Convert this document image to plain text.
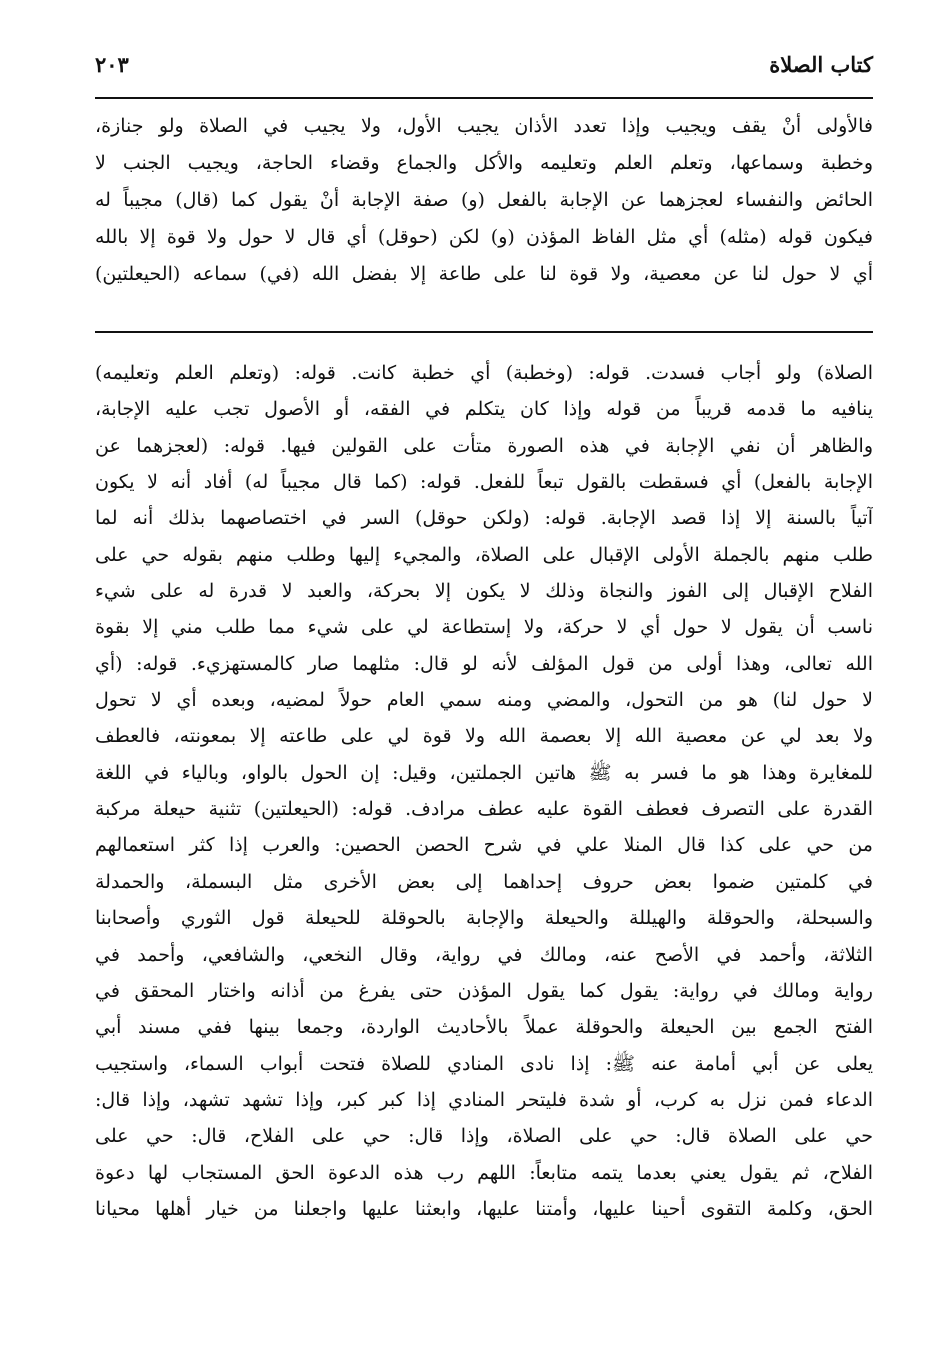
كتاب الصلاة
٢٠٣
فالأولى أنْ يقف ويجيب وإذا تعدد الأذان يجيب الأول، ولا يجيب في الصلاة ولو جنازة،
وخطبة وسماعها، وتعلم العلم وتعليمه والأكل والجماع وقضاء الحاجة، ويجيب الجنب لا
الحائض والنفساء لعجزهما عن الإجابة بالفعل (و) صفة الإجابة أنْ يقول كما (قال) مجيباً له
فيكون قوله (مثله) أي مثل الفاظ المؤذن (و) لكن (حوقل) أي قال لا حول ولا قوة إلا بالله
أي لا حول لنا عن معصية، ولا قوة لنا على طاعة إلا بفضل الله (في) سماعه (الحيعلتين)
الصلاة) ولو أجاب فسدت. قوله: (وخطبة) أي خطبة كانت. قوله: (وتعلم العلم وتعليمه)
ينافيه ما قدمه قريباً من قوله وإذا كان يتكلم في الفقه، أو الأصول تجب عليه الإجابة،
والظاهر أن نفي الإجابة في هذه الصورة متأت على القولين فيها. قوله: (لعجزهما عن
الإجابة بالفعل) أي فسقطت بالقول تبعاً للفعل. قوله: (كما قال مجيباً له) أفاد أنه لا يكون
آتياً بالسنة إلا إذا قصد الإجابة. قوله: (ولكن حوقل) السر في اختصاصهما بذلك أنه لما
طلب منهم بالجملة الأولى الإقبال على الصلاة، والمجيء إليها وطلب منهم بقوله حي على
الفلاح الإقبال إلى الفوز والنجاة وذلك لا يكون إلا بحركة، والعبد لا قدرة له على شيء
ناسب أن يقول لا حول أي لا حركة، ولا إستطاعة لي على شيء مما طلب مني إلا بقوة
الله تعالى، وهذا أولى من قول المؤلف لأنه لو قال: مثلهما صار كالمستهزيء. قوله: (أي
لا حول لنا) هو من التحول، والمضي ومنه سمي العام حولاً لمضيه، وبعده أي لا تحول
ولا بعد لي عن معصية الله إلا بعصمة الله ولا قوة لي على طاعته إلا بمعونته، فالعطف
للمغايرة وهذا هو ما فسر به ﷺ هاتين الجملتين، وقيل: إن الحول بالواو، وبالياء في اللغة
القدرة على التصرف فعطف القوة عليه عطف مرادف. قوله: (الحيعلتين) تثنية حيعلة مركبة
من حي على كذا قال المنلا علي في شرح الحصن الحصين: والعرب إذا كثر استعمالهم
في كلمتين ضموا بعض حروف إحداهما إلى بعض الأخرى مثل البسملة، والحمدلة
والسبحلة، والحوقلة والهيللة والحيعلة والإجابة بالحوقلة للحيعلة قول الثوري وأصحابنا
الثلاثة، وأحمد في الأصح عنه، ومالك في رواية، وقال النخعي، والشافعي، وأحمد في
رواية ومالك في رواية: يقول كما يقول المؤذن حتى يفرغ من أذانه واختار المحقق في
الفتح الجمع بين الحيعلة والحوقلة عملاً بالأحاديث الواردة، وجمعا بينها ففي مسند أبي
يعلى عن أبي أمامة عنه ﷺ: إذا نادى المنادي للصلاة فتحت أبواب السماء، واستجيب
الدعاء فمن نزل به كرب، أو شدة فليتحر المنادي إذا كبر كبر، وإذا تشهد تشهد، وإذا قال:
حي على الصلاة قال: حي على الصلاة، وإذا قال: حي على الفلاح، قال: حي على
الفلاح، ثم يقول يعني بعدما يتمه متابعاً: اللهم رب هذه الدعوة الحق المستجاب لها دعوة
الحق، وكلمة التقوى أحينا عليها، وأمتنا عليها، وابعثنا عليها واجعلنا من خيار أهلها محيانا
